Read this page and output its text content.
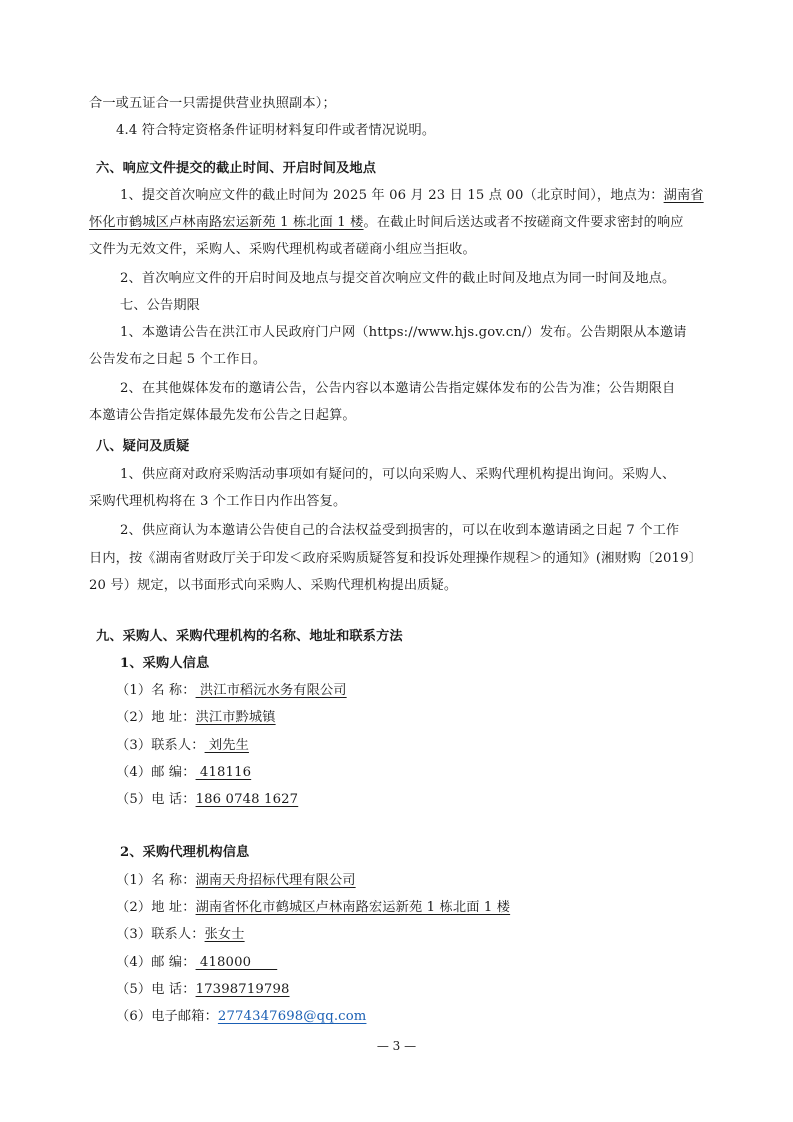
合一或五证合一只需提供营业执照副本）；
4.4 符合特定资格条件证明材料复印件或者情况说明。
六、响应文件提交的截止时间、开启时间及地点
1、提交首次响应文件的截止时间为 2025 年 06 月 23 日 15 点 00（北京时间），地点为：湖南省
怀化市鹤城区卢林南路宏运新苑 1 栋北面 1 楼。在截止时间后送达或者不按磋商文件要求密封的响应
文件为无效文件，采购人、采购代理机构或者磋商小组应当拒收。
2、首次响应文件的开启时间及地点与提交首次响应文件的截止时间及地点为同一时间及地点。
七、公告期限
1、本邀请公告在洪江市人民政府门户网（https://www.hjs.gov.cn/）发布。公告期限从本邀请
公告发布之日起 5 个工作日。
2、在其他媒体发布的邀请公告，公告内容以本邀请公告指定媒体发布的公告为准；公告期限自
本邀请公告指定媒体最先发布公告之日起算。
八、疑问及质疑
1、供应商对政府采购活动事项如有疑问的，可以向采购人、采购代理机构提出询问。采购人、
采购代理机构将在 3 个工作日内作出答复。
2、供应商认为本邀请公告使自己的合法权益受到损害的，可以在收到本邀请函之日起 7 个工作
日内，按《湖南省财政厅关于印发＜政府采购质疑答复和投诉处理操作规程＞的通知》(湘财购〔2019〕
20 号）规定，以书面形式向采购人、采购代理机构提出质疑。
九、采购人、采购代理机构的名称、地址和联系方法
1、采购人信息
（1）名 称： 洪江市稻沅水务有限公司
（2）地 址：洪江市黔城镇
（3）联系人： 刘先生
（4）邮 编： 418116
（5）电 话：186 0748 1627
2、采购代理机构信息
（1）名 称：湖南天舟招标代理有限公司
（2）地 址：湖南省怀化市鹤城区卢林南路宏运新苑 1 栋北面 1 楼
（3）联系人：张女士
（4）邮 编： 418000
（5）电 话：17398719798
（6）电子邮箱：2774347698@qq.com
— 3 —
